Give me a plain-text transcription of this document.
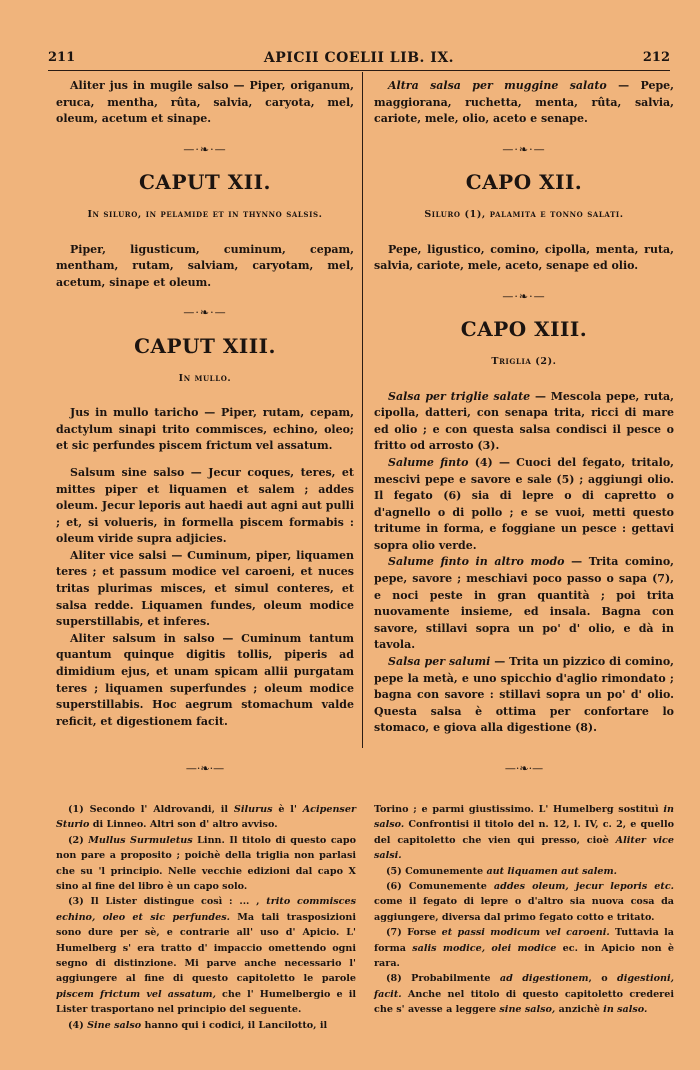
211	APICII COELII LIB. IX.	212

Aliter jus in mugile salso — Piper, origanum, eruca, mentha, rûta, salvia, caryota, mel, oleum, acetum et sinape.

—·❧·—
CAPUT XII.
In siluro, in pelamide et in thynno salsis.

Piper, ligusticum, cuminum, cepam, mentham, rutam, salviam, caryotam, mel, acetum, sinape et oleum.

—·❧·—
CAPUT XIII.
In mullo.

Jus in mullo taricho — Piper, rutam, cepam, dactylum sinapi trito commisces, echino, oleo; et sic perfundes piscem frictum vel assatum.

Salsum sine salso — Jecur coques, teres, et mittes piper et liquamen et salem ; addes oleum. Jecur leporis aut haedi aut agni aut pulli ; et, si volueris, in formella piscem formabis : oleum viride supra adjicies.

Aliter vice salsi — Cuminum, piper, liquamen teres ; et passum modice vel caroeni, et nuces tritas plurimas misces, et simul conteres, et salsa redde. Liquamen fundes, oleum modice superstillabis, et inferes.

Aliter salsum in salso — Cuminum tantum quantum quinque digitis tollis, piperis ad dimidium ejus, et unam spicam allii purgatam teres ; liquamen superfundes ; oleum modice superstillabis. Hoc aegrum stomachum valde reficit, et digestionem facit.

Altra salsa per muggine salato — Pepe, maggiorana, ruchetta, menta, rûta, salvia, cariote, mele, olio, aceto e senape.

—·❧·—
CAPO XII.
Siluro (1), palamita e tonno salati.

Pepe, ligustico, comino, cipolla, menta, ruta, salvia, cariote, mele, aceto, senape ed olio.

—·❧·—
CAPO XIII.
Triglia (2).

Salsa per triglie salate — Mescola pepe, ruta, cipolla, datteri, con senapa trita, ricci di mare ed olio ; e con questa salsa condisci il pesce o fritto od arrosto (3).

Salume finto (4) — Cuoci del fegato, tritalo, mescivi pepe e savore e sale (5) ; aggiungi olio. Il fegato (6) sia di lepre o di capretto o d'agnello o di pollo ; e se vuoi, metti questo tritume in forma, e foggiane un pesce : gettavi sopra olio verde.

Salume finto in altro modo — Trita comino, pepe, savore ; meschiavi poco passo o sapa (7), e noci peste in gran quantità ; poi trita nuovamente insieme, ed insala. Bagna con savore, stillavi sopra un po' d' olio, e dà in tavola.

Salsa per salumi — Trita un pizzico di comino, pepe la metà, e uno spicchio d'aglio rimondato ; bagna con savore : stillavi sopra un po' d' olio. Questa salsa è ottima per confortare lo stomaco, e giova alla digestione (8).

—·❧·—	—·❧·—

(1) Secondo l' Aldrovandi, il Silurus è l' Acipenser Sturio di Linneo. Altri son d' altro avviso.

(2) Mullus Surmuletus Linn. Il titolo di questo capo non pare a proposito ; poichè della triglia non parlasi che su 'l principio. Nelle vecchie edizioni dal capo X sino al fine del libro è un capo solo.

(3) Il Lister distingue così : ... , trito commisces echino, oleo et sic perfundes. Ma tali trasposizioni sono dure per sè, e contrarie all' uso d' Apicio. L' Humelberg s' era tratto d' impaccio omettendo ogni segno di distinzione. Mi parve anche necessario l' aggiungere al fine di questo capitoletto le parole piscem frictum vel assatum, che l' Humelbergio e il Lister trasportano nel principio del seguente.

(4) Sine salso hanno qui i codici, il Lancilotto, il

Torino ; e parmi giustissimo. L' Humelberg sostituì in salso. Confrontisi il titolo del n. 12, l. IV, c. 2, e quello del capitoletto che vien qui presso, cioè Aliter vice salsi.

(5) Comunemente aut liquamen aut salem.

(6) Comunemente addes oleum, jecur leporis etc. come il fegato di lepre o d'altro sia nuova cosa da aggiungere, diversa dal primo fegato cotto e tritato.

(7) Forse et passi modicum vel caroeni. Tuttavia la forma salis modice, olei modice ec. in Apicio non è rara.

(8) Probabilmente ad digestionem, o digestioni, facit. Anche nel titolo di questo capitoletto crederei che s' avesse a leggere sine salso, anzichè in salso.
